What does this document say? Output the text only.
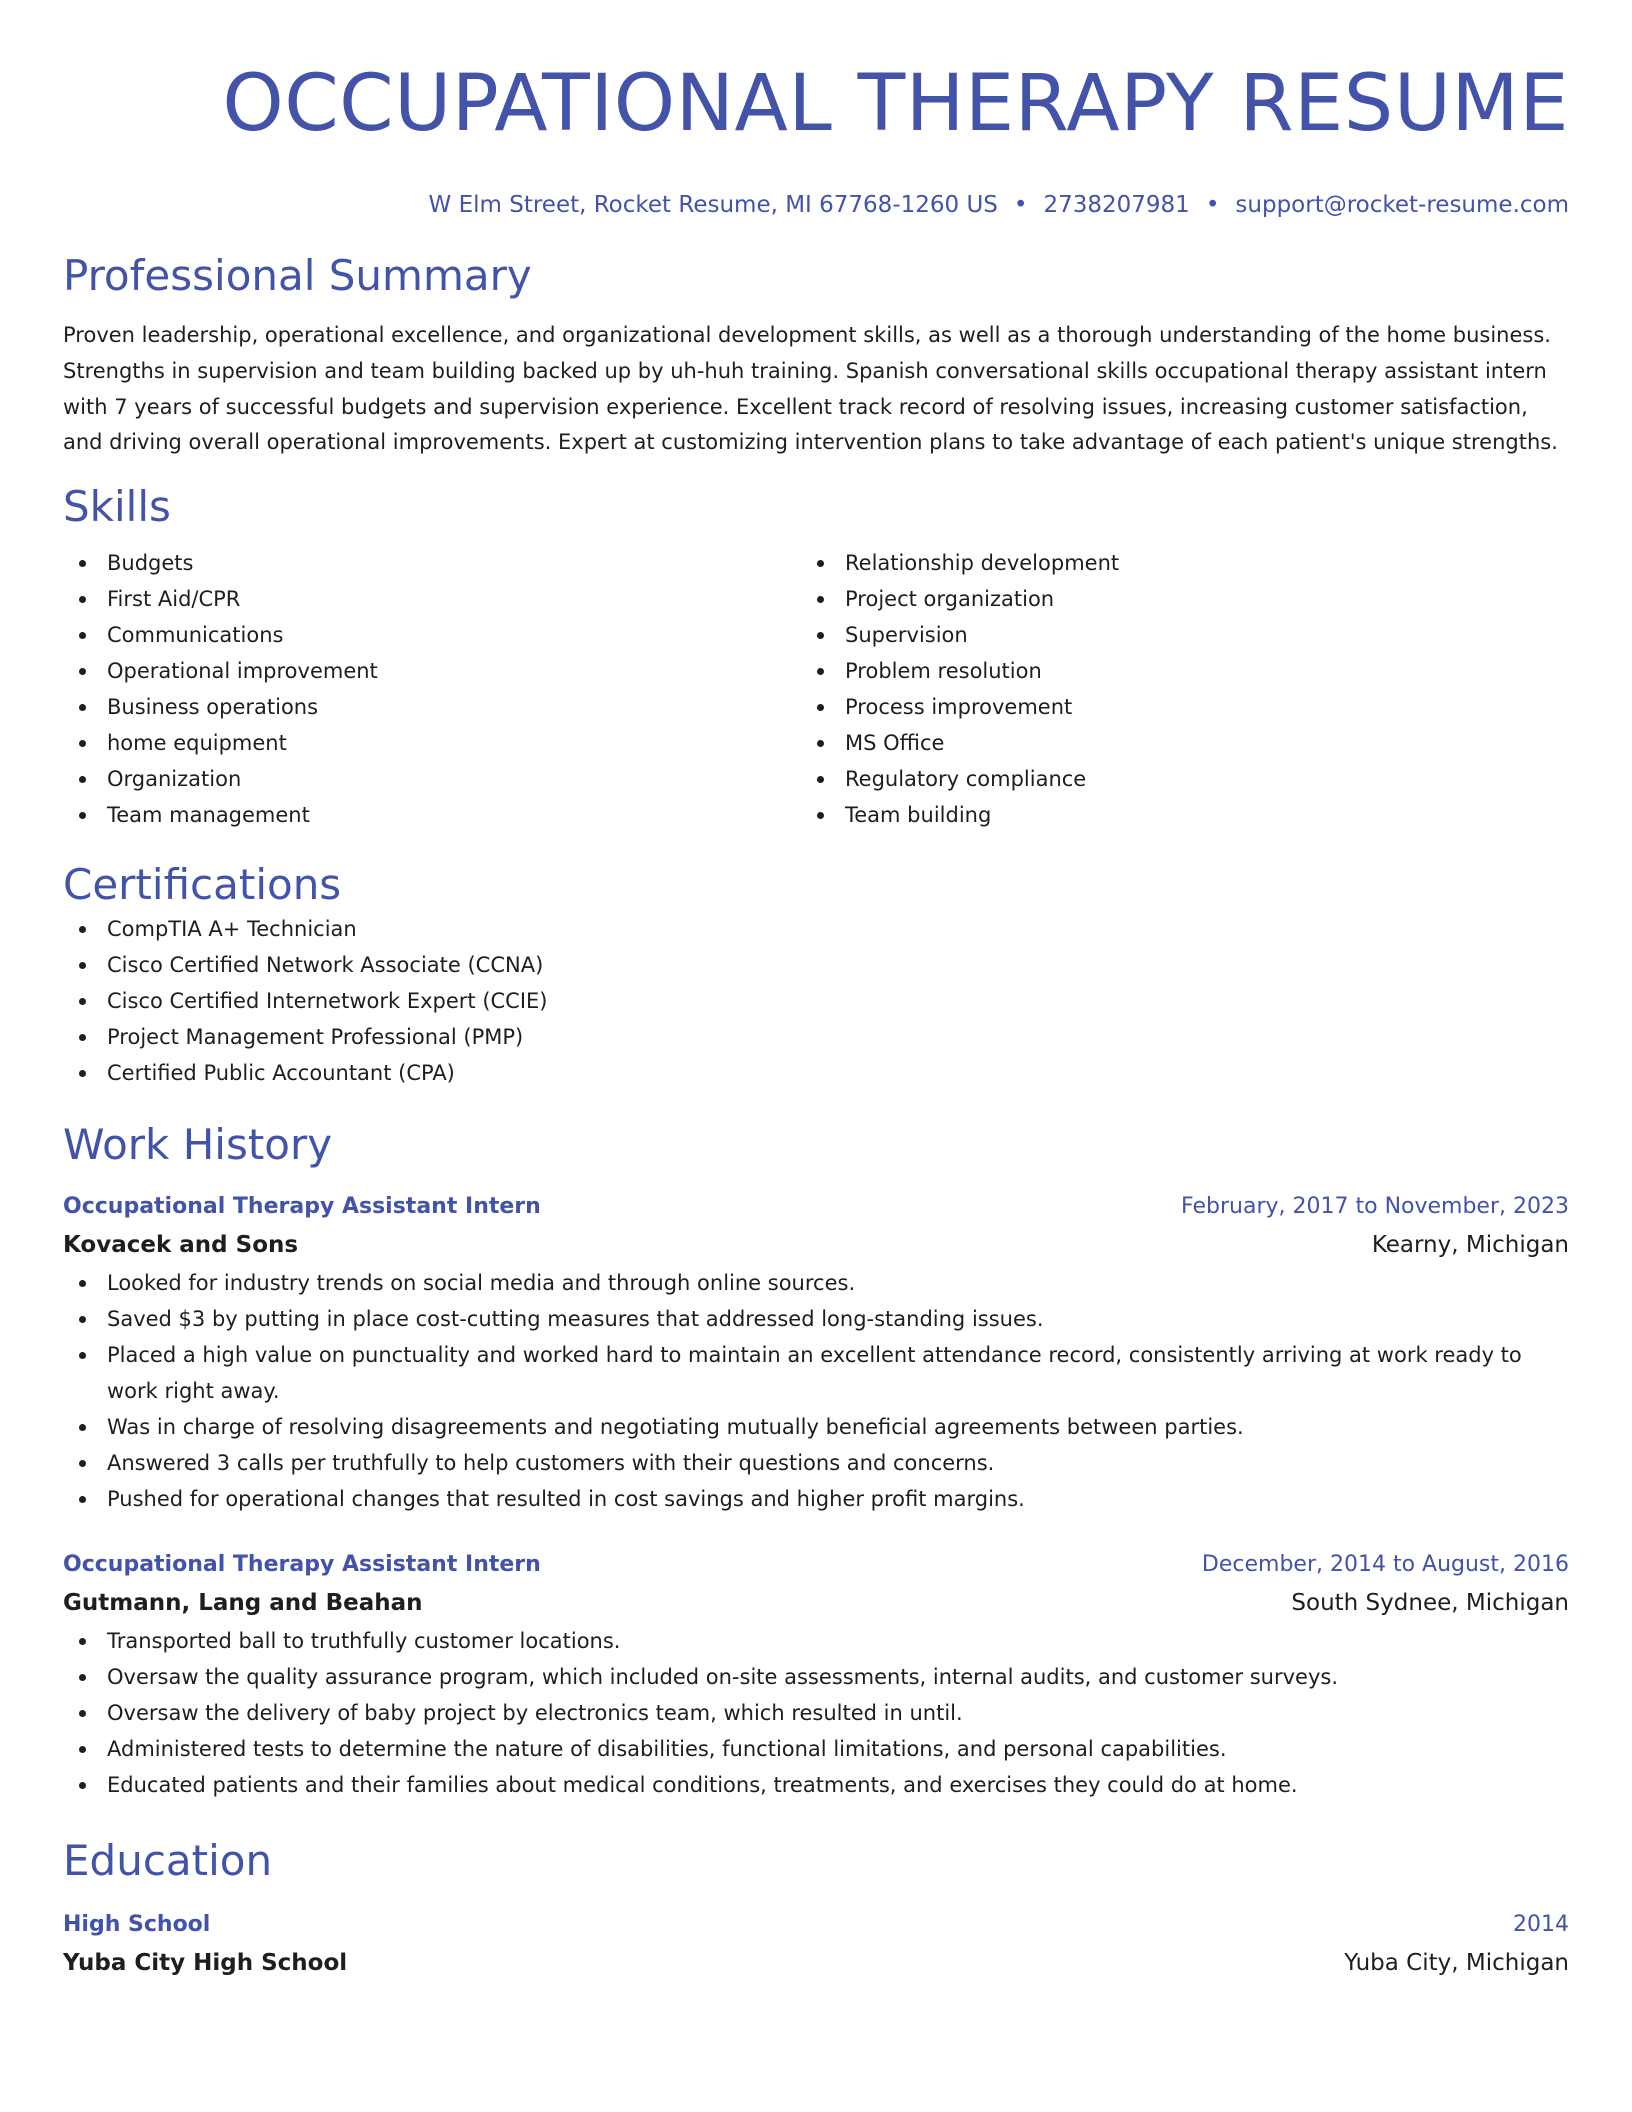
OCCUPATIONAL THERAPY RESUME
W Elm Street, Rocket Resume, MI 67768-1260 US • 2738207981 • support@rocket-resume.com
Professional Summary

Proven leadership, operational excellence, and organizational development skills, as well as a thorough understanding of the home business. Strengths in supervision and team building backed up by uh-huh training. Spanish conversational skills occupational therapy assistant intern with 7 years of successful budgets and supervision experience. Excellent track record of resolving issues, increasing customer satisfaction, and driving overall operational improvements. Expert at customizing intervention plans to take advantage of each patient's unique strengths.

Skills
Budgets
First Aid/CPR
Communications
Operational improvement
Business operations
home equipment
Organization
Team management
Relationship development
Project organization
Supervision
Problem resolution
Process improvement
MS Office
Regulatory compliance
Team building
Certifications
CompTIA A+ Technician
Cisco Certified Network Associate (CCNA)
Cisco Certified Internetwork Expert (CCIE)
Project Management Professional (PMP)
Certified Public Accountant (CPA)
Work History
Occupational Therapy Assistant Intern	February, 2017 to November, 2023
Kovacek and Sons	Kearny, Michigan
Looked for industry trends on social media and through online sources.
Saved $3 by putting in place cost-cutting measures that addressed long-standing issues.
Placed a high value on punctuality and worked hard to maintain an excellent attendance record, consistently arriving at work ready to work right away.
Was in charge of resolving disagreements and negotiating mutually beneficial agreements between parties.
Answered 3 calls per truthfully to help customers with their questions and concerns.
Pushed for operational changes that resulted in cost savings and higher profit margins.
Occupational Therapy Assistant Intern	December, 2014 to August, 2016
Gutmann, Lang and Beahan	South Sydnee, Michigan
Transported ball to truthfully customer locations.
Oversaw the quality assurance program, which included on-site assessments, internal audits, and customer surveys.
Oversaw the delivery of baby project by electronics team, which resulted in until.
Administered tests to determine the nature of disabilities, functional limitations, and personal capabilities.
Educated patients and their families about medical conditions, treatments, and exercises they could do at home.
Education
High School	2014
Yuba City High School	Yuba City, Michigan
